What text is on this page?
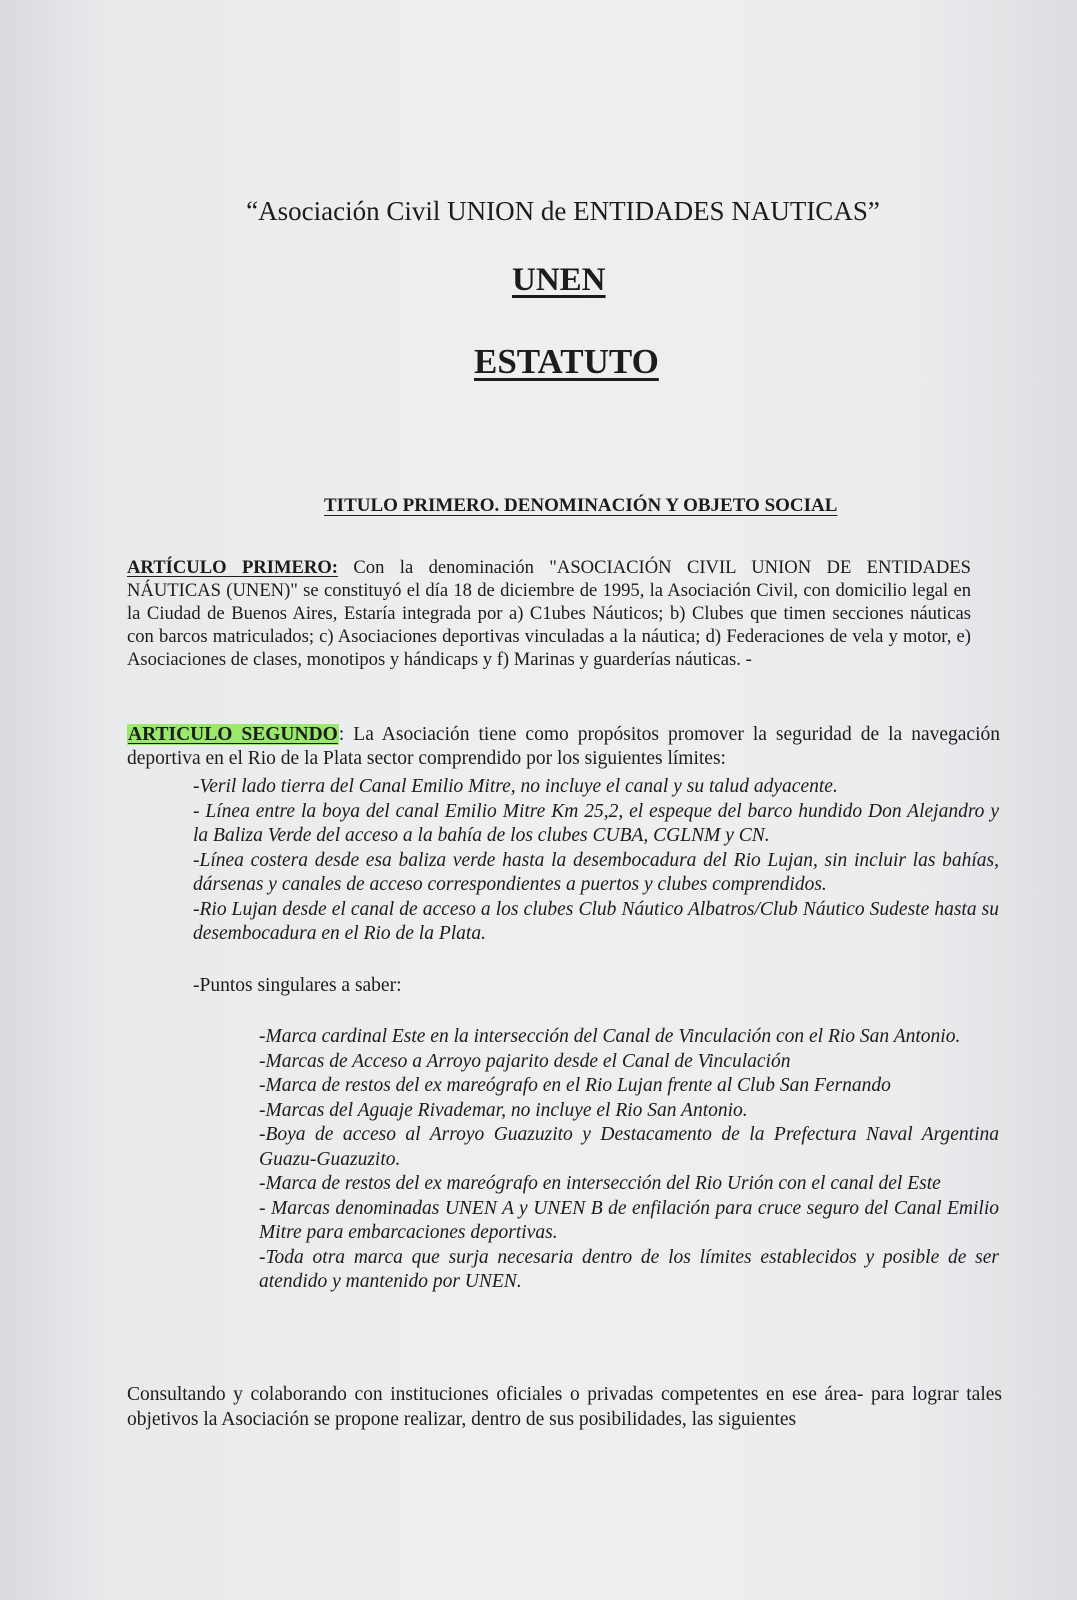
“Asociación Civil UNION de ENTIDADES NAUTICAS”
UNEN
ESTATUTO
TITULO PRIMERO. DENOMINACIÓN Y OBJETO SOCIAL
ARTÍCULO PRIMERO: Con la denominación "ASOCIACIÓN CIVIL UNION DE ENTIDADES NÁUTICAS (UNEN)" se constituyó el día 18 de diciembre de 1995, la Asociación Civil, con domicilio legal en la Ciudad de Buenos Aires, Estaría integrada por a) C1ubes Náuticos; b) Clubes que timen secciones náuticas con barcos matriculados; c) Asociaciones deportivas vinculadas a la náutica; d) Federaciones de vela y motor, e) Asociaciones de clases, monotipos y hándicaps y f) Marinas y guarderías náuticas. -
ARTICULO SEGUNDO: La Asociación tiene como propósitos promover la seguridad de la navegación deportiva en el Rio de la Plata sector comprendido por los siguientes límites:
-Veril lado tierra del Canal Emilio Mitre, no incluye el canal y su talud adyacente.
- Línea entre la boya del canal Emilio Mitre Km 25,2, el espeque del barco hundido Don Alejandro y la Baliza Verde del acceso a la bahía de los clubes CUBA, CGLNM y CN.
-Línea costera desde esa baliza verde hasta la desembocadura del Rio Lujan, sin incluir las bahías, dársenas y canales de acceso correspondientes a puertos y clubes comprendidos.
-Rio Lujan desde el canal de acceso a los clubes Club Náutico Albatros/Club Náutico Sudeste hasta su desembocadura en el Rio de la Plata.
-Puntos singulares a saber:
-Marca cardinal Este en la intersección del Canal de Vinculación con el Rio San Antonio.
-Marcas de Acceso a Arroyo pajarito desde el Canal de Vinculación
-Marca de restos del ex mareógrafo en el Rio Lujan frente al Club San Fernando
-Marcas del Aguaje Rivademar, no incluye el Rio San Antonio.
-Boya de acceso al Arroyo Guazuzito y Destacamento de la Prefectura Naval Argentina Guazu-Guazuzito.
-Marca de restos del ex mareógrafo en intersección del Rio Urión con el canal del Este
- Marcas denominadas UNEN A y UNEN B de enfilación para cruce seguro del Canal Emilio Mitre para embarcaciones deportivas.
-Toda otra marca que surja necesaria dentro de los límites establecidos y posible de ser atendido y mantenido por UNEN.
Consultando y colaborando con instituciones oficiales o privadas competentes en ese área- para lograr tales objetivos la Asociación se propone realizar, dentro de sus posibilidades, las siguientes
